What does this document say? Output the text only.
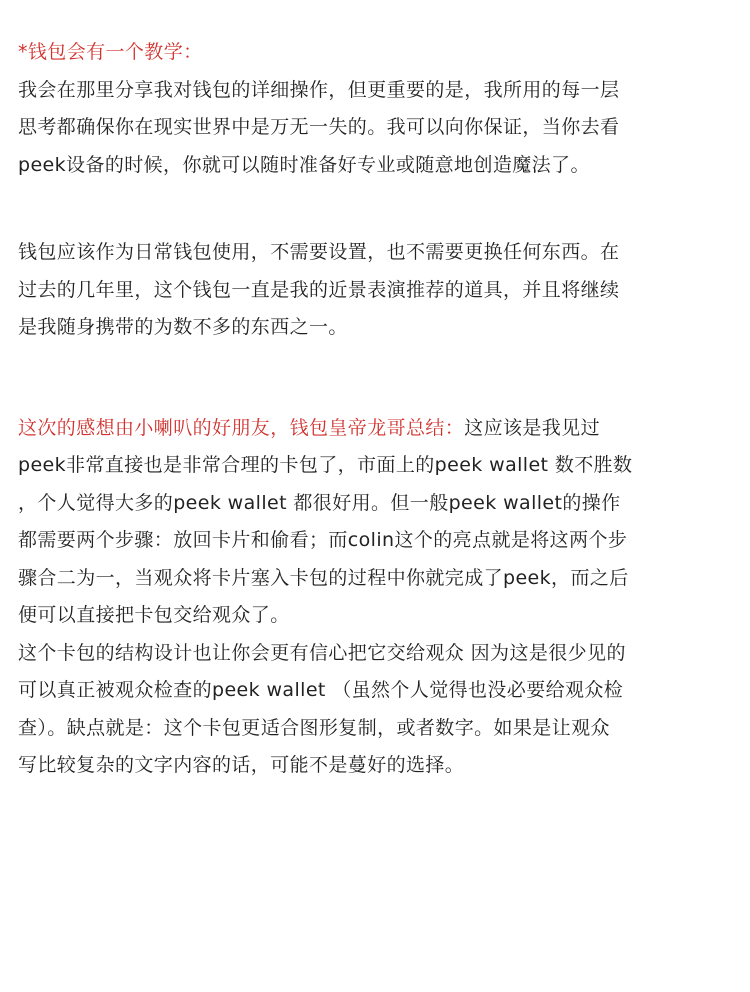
*钱包会有一个教学：
我会在那里分享我对钱包的详细操作，但更重要的是，我所用的每一层
思考都确保你在现实世界中是万无一失的。我可以向你保证，当你去看
peek设备的时候，你就可以随时准备好专业或随意地创造魔法了。
钱包应该作为日常钱包使用，不需要设置，也不需要更换任何东西。在
过去的几年里，这个钱包一直是我的近景表演推荐的道具，并且将继续
是我随身携带的为数不多的东西之一。
这次的感想由小喇叭的好朋友，钱包皇帝龙哥总结：这应该是我见过
peek非常直接也是非常合理的卡包了，市面上的peek wallet 数不胜数
，个人觉得大多的peek wallet 都很好用。但一般peek wallet的操作
都需要两个步骤：放回卡片和偷看；而colin这个的亮点就是将这两个步
骤合二为一，当观众将卡片塞入卡包的过程中你就完成了peek，而之后
便可以直接把卡包交给观众了。
这个卡包的结构设计也让你会更有信心把它交给观众 因为这是很少见的
可以真正被观众检查的peek wallet （虽然个人觉得也没必要给观众检
查）。缺点就是：这个卡包更适合图形复制，或者数字。如果是让观众
写比较复杂的文字内容的话，可能不是蔓好的选择。
